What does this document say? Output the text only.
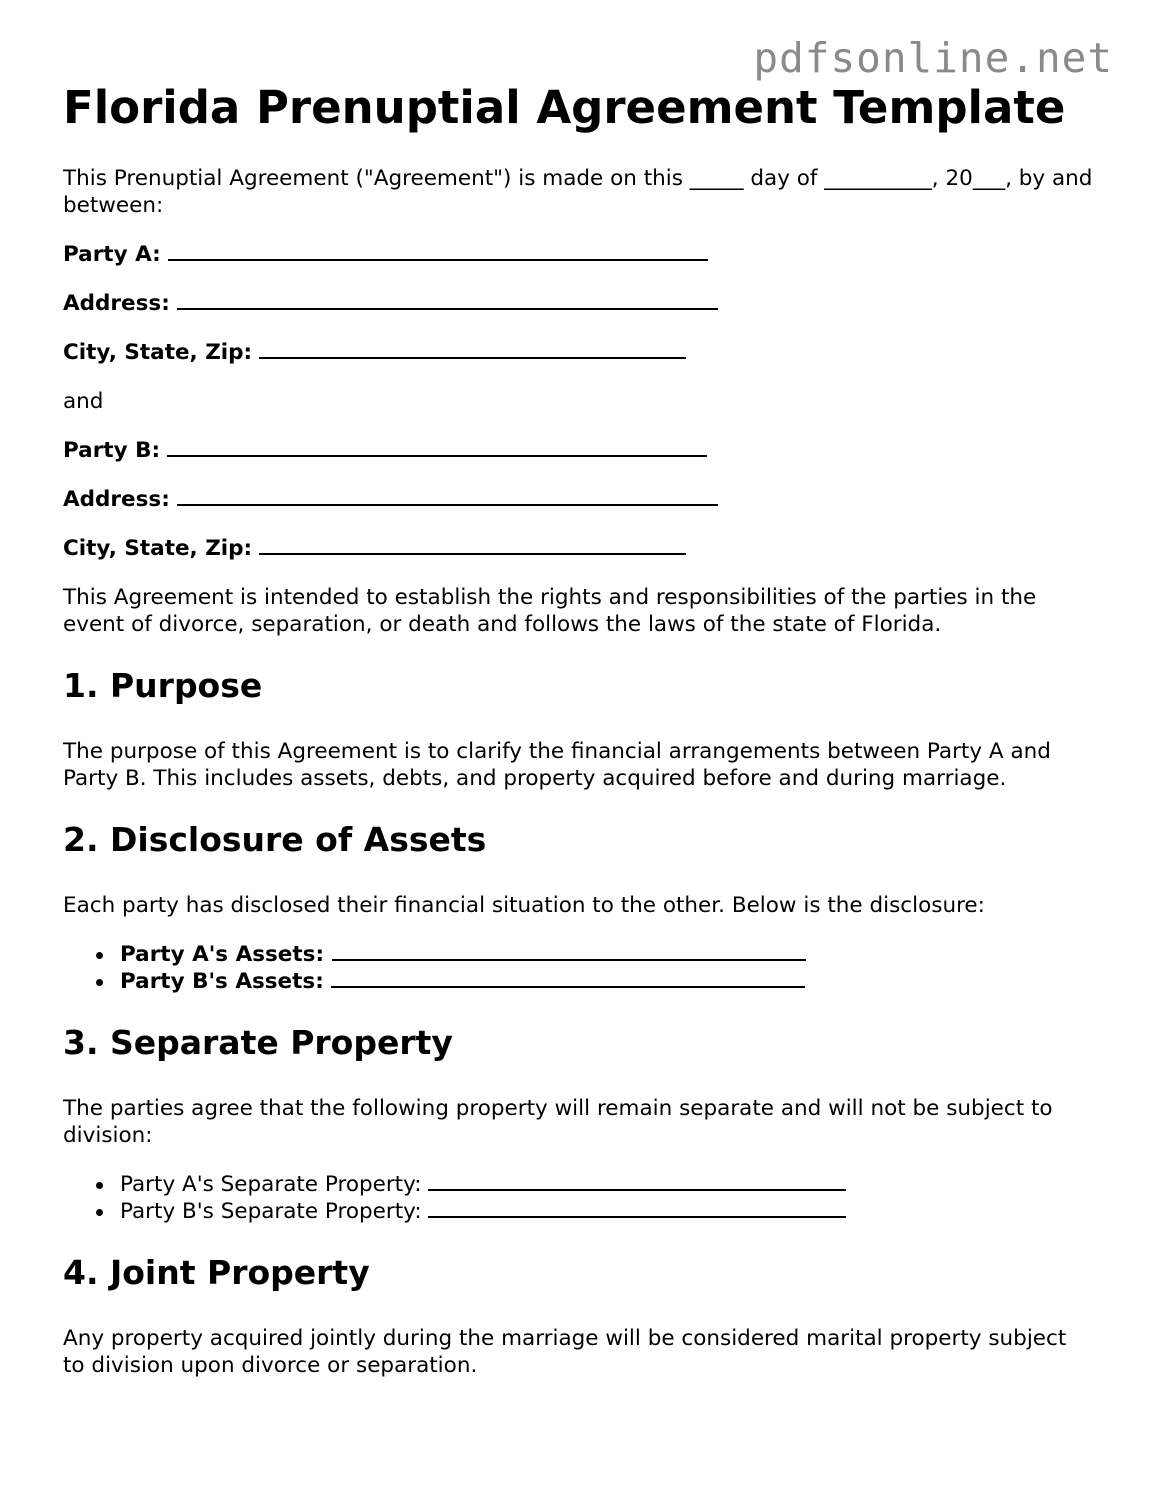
pdfsonline.net
Florida Prenuptial Agreement Template

This Prenuptial Agreement ("Agreement") is made on this _____ day of __________, 20___, by and between:

Party A:
Address:
City, State, Zip:

and

Party B:
Address:
City, State, Zip:

This Agreement is intended to establish the rights and responsibilities of the parties in the event of divorce, separation, or death and follows the laws of the state of Florida.

1. Purpose

The purpose of this Agreement is to clarify the financial arrangements between Party A and Party B. This includes assets, debts, and property acquired before and during marriage.

2. Disclosure of Assets

Each party has disclosed their financial situation to the other. Below is the disclosure:

Party A's Assets:
Party B's Assets:
3. Separate Property

The parties agree that the following property will remain separate and will not be subject to division:

Party A's Separate Property:
Party B's Separate Property:
4. Joint Property

Any property acquired jointly during the marriage will be considered marital property subject to division upon divorce or separation.
